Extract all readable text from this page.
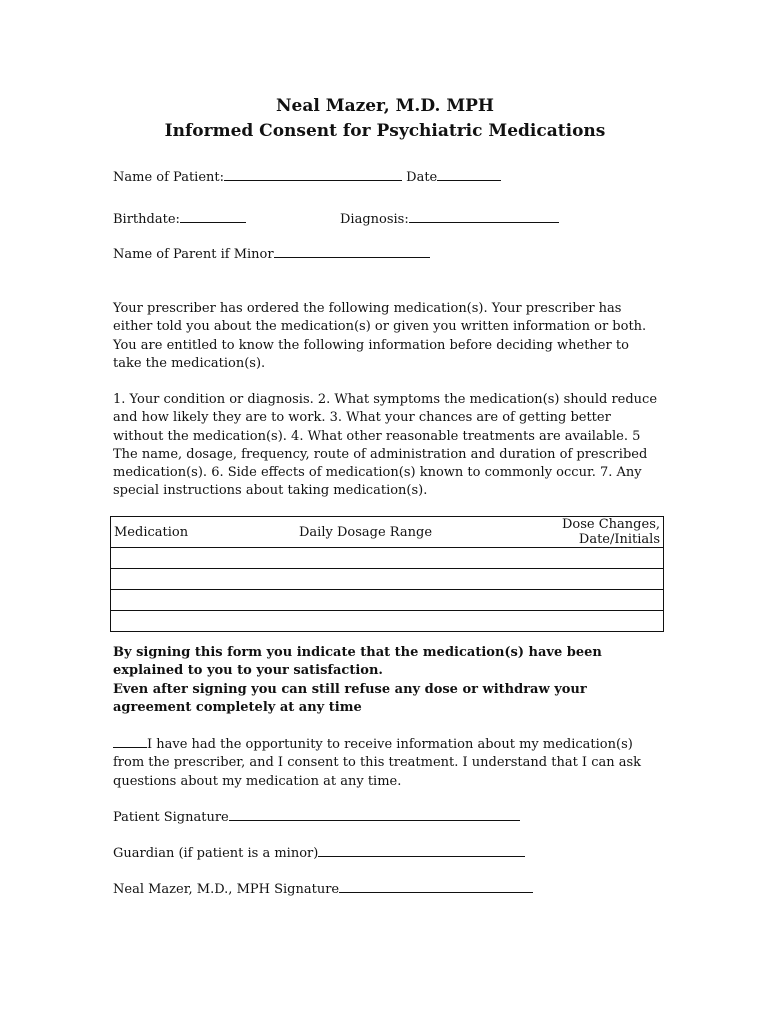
Neal Mazer, M.D. MPH
Informed Consent for Psychiatric Medications
Name of Patient:	Date
Birthdate:	Diagnosis:
Name of Parent if Minor
Your prescriber has ordered the following medication(s). Your prescriber has either told you about the medication(s) or given you written information or both. You are entitled to know the following information before deciding whether to take the medication(s).
1. Your condition or diagnosis. 2. What symptoms the medication(s) should reduce and how likely they are to work. 3. What your chances are of getting better without the medication(s). 4. What other reasonable treatments are available. 5 The name, dosage, frequency, route of administration and duration of prescribed medication(s). 6. Side effects of medication(s) known to commonly occur. 7. Any special instructions about taking medication(s).
Medication	Daily Dosage Range	Dose Changes, Date/Initials

By signing this form you indicate that the medication(s) have been explained to you to your satisfaction.
Even after signing you can still refuse any dose or withdraw your agreement completely at any time
I have had the opportunity to receive information about my medication(s) from the prescriber, and I consent to this treatment. I understand that I can ask questions about my medication at any time.
Patient Signature
Guardian (if patient is a minor)
Neal Mazer, M.D., MPH Signature
